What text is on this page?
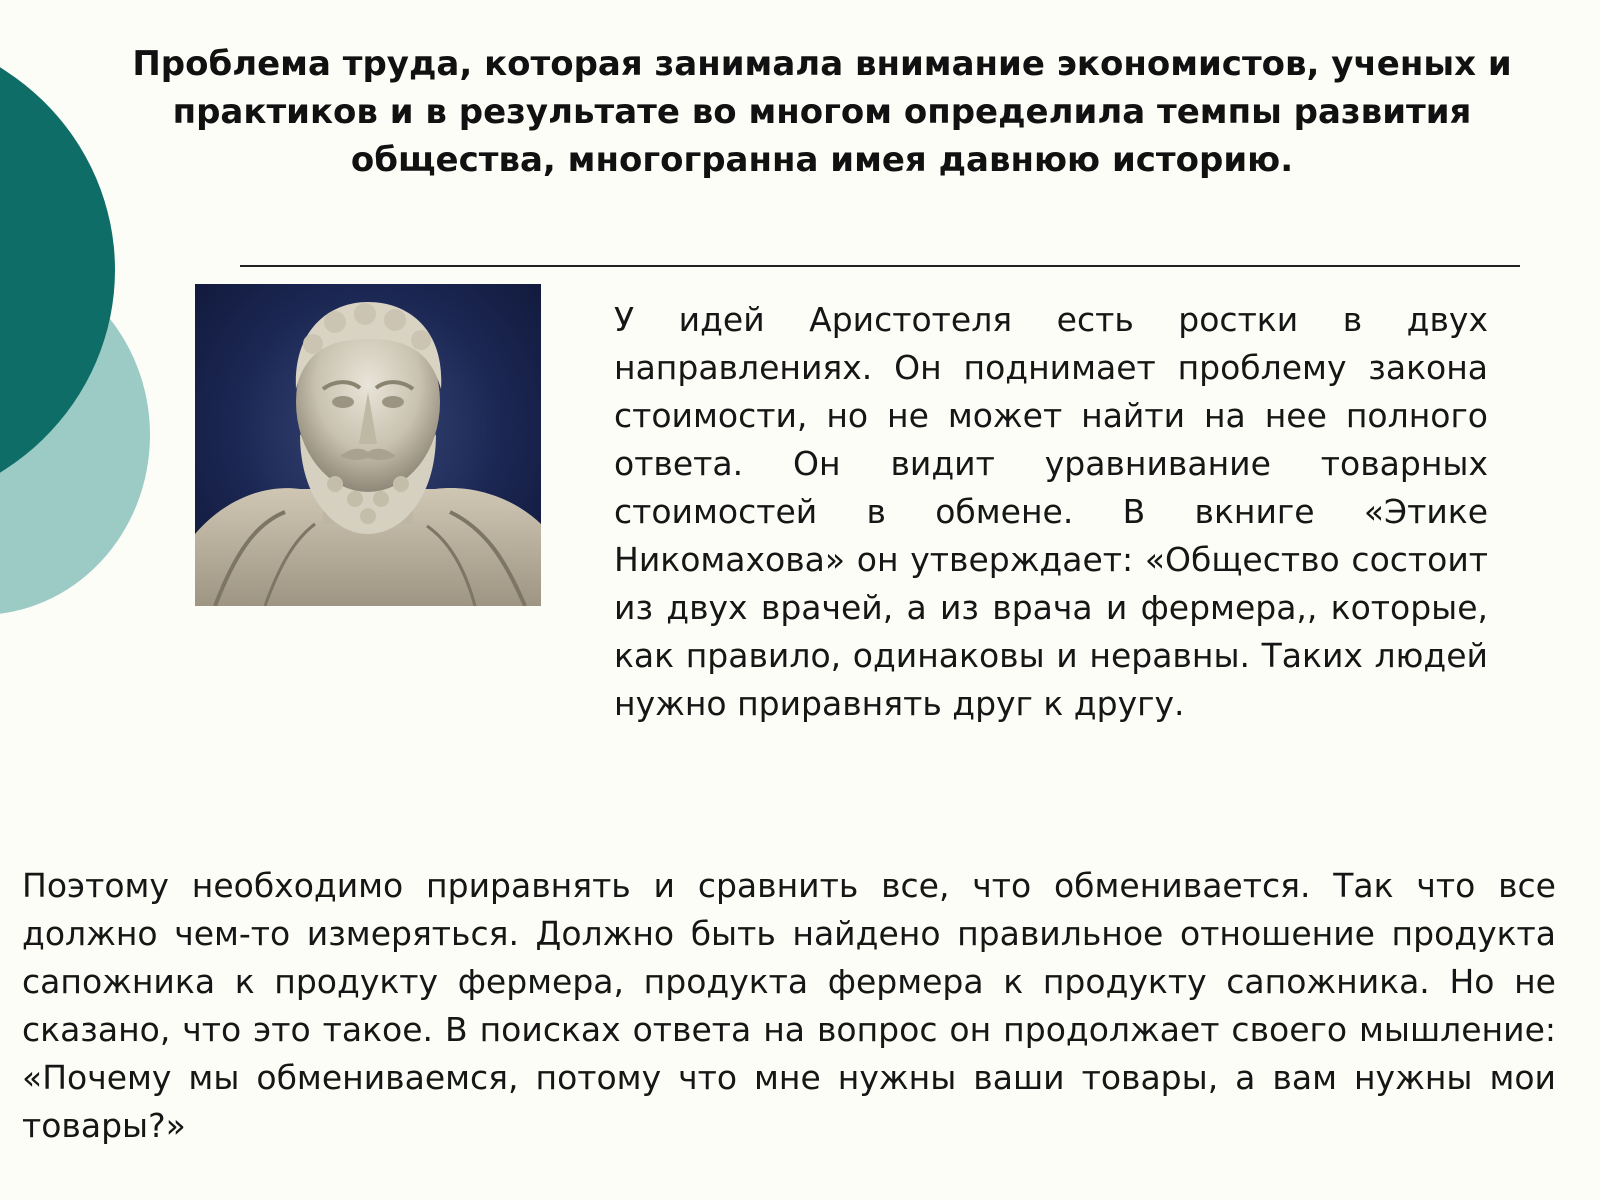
Проблема труда, которая занимала внимание экономистов, ученых и практиков и в результате во многом определила темпы развития общества, многогранна имея давнюю историю.

У идей Аристотеля есть ростки в двух направлениях. Он поднимает проблему закона стоимости, но не может найти на нее полного ответа. Он видит уравнивание товарных стоимостей в обмене. В вкниге «Этике Никомахова» он утверждает: «Общество состоит из двух врачей, а из врача и фермера,, которые, как правило, одинаковы и неравны. Таких людей нужно приравнять друг к другу.

Поэтому необходимо приравнять и сравнить все, что обменивается. Так что все должно чем-то измеряться. Должно быть найдено правильное отношение продукта сапожника к продукту фермера, продукта фермера к продукту сапожника. Но не сказано, что это такое. В поисках ответа на вопрос он продолжает своего мышление: «Почему мы обмениваемся, потому что мне нужны ваши товары, а вам нужны мои товары?»
